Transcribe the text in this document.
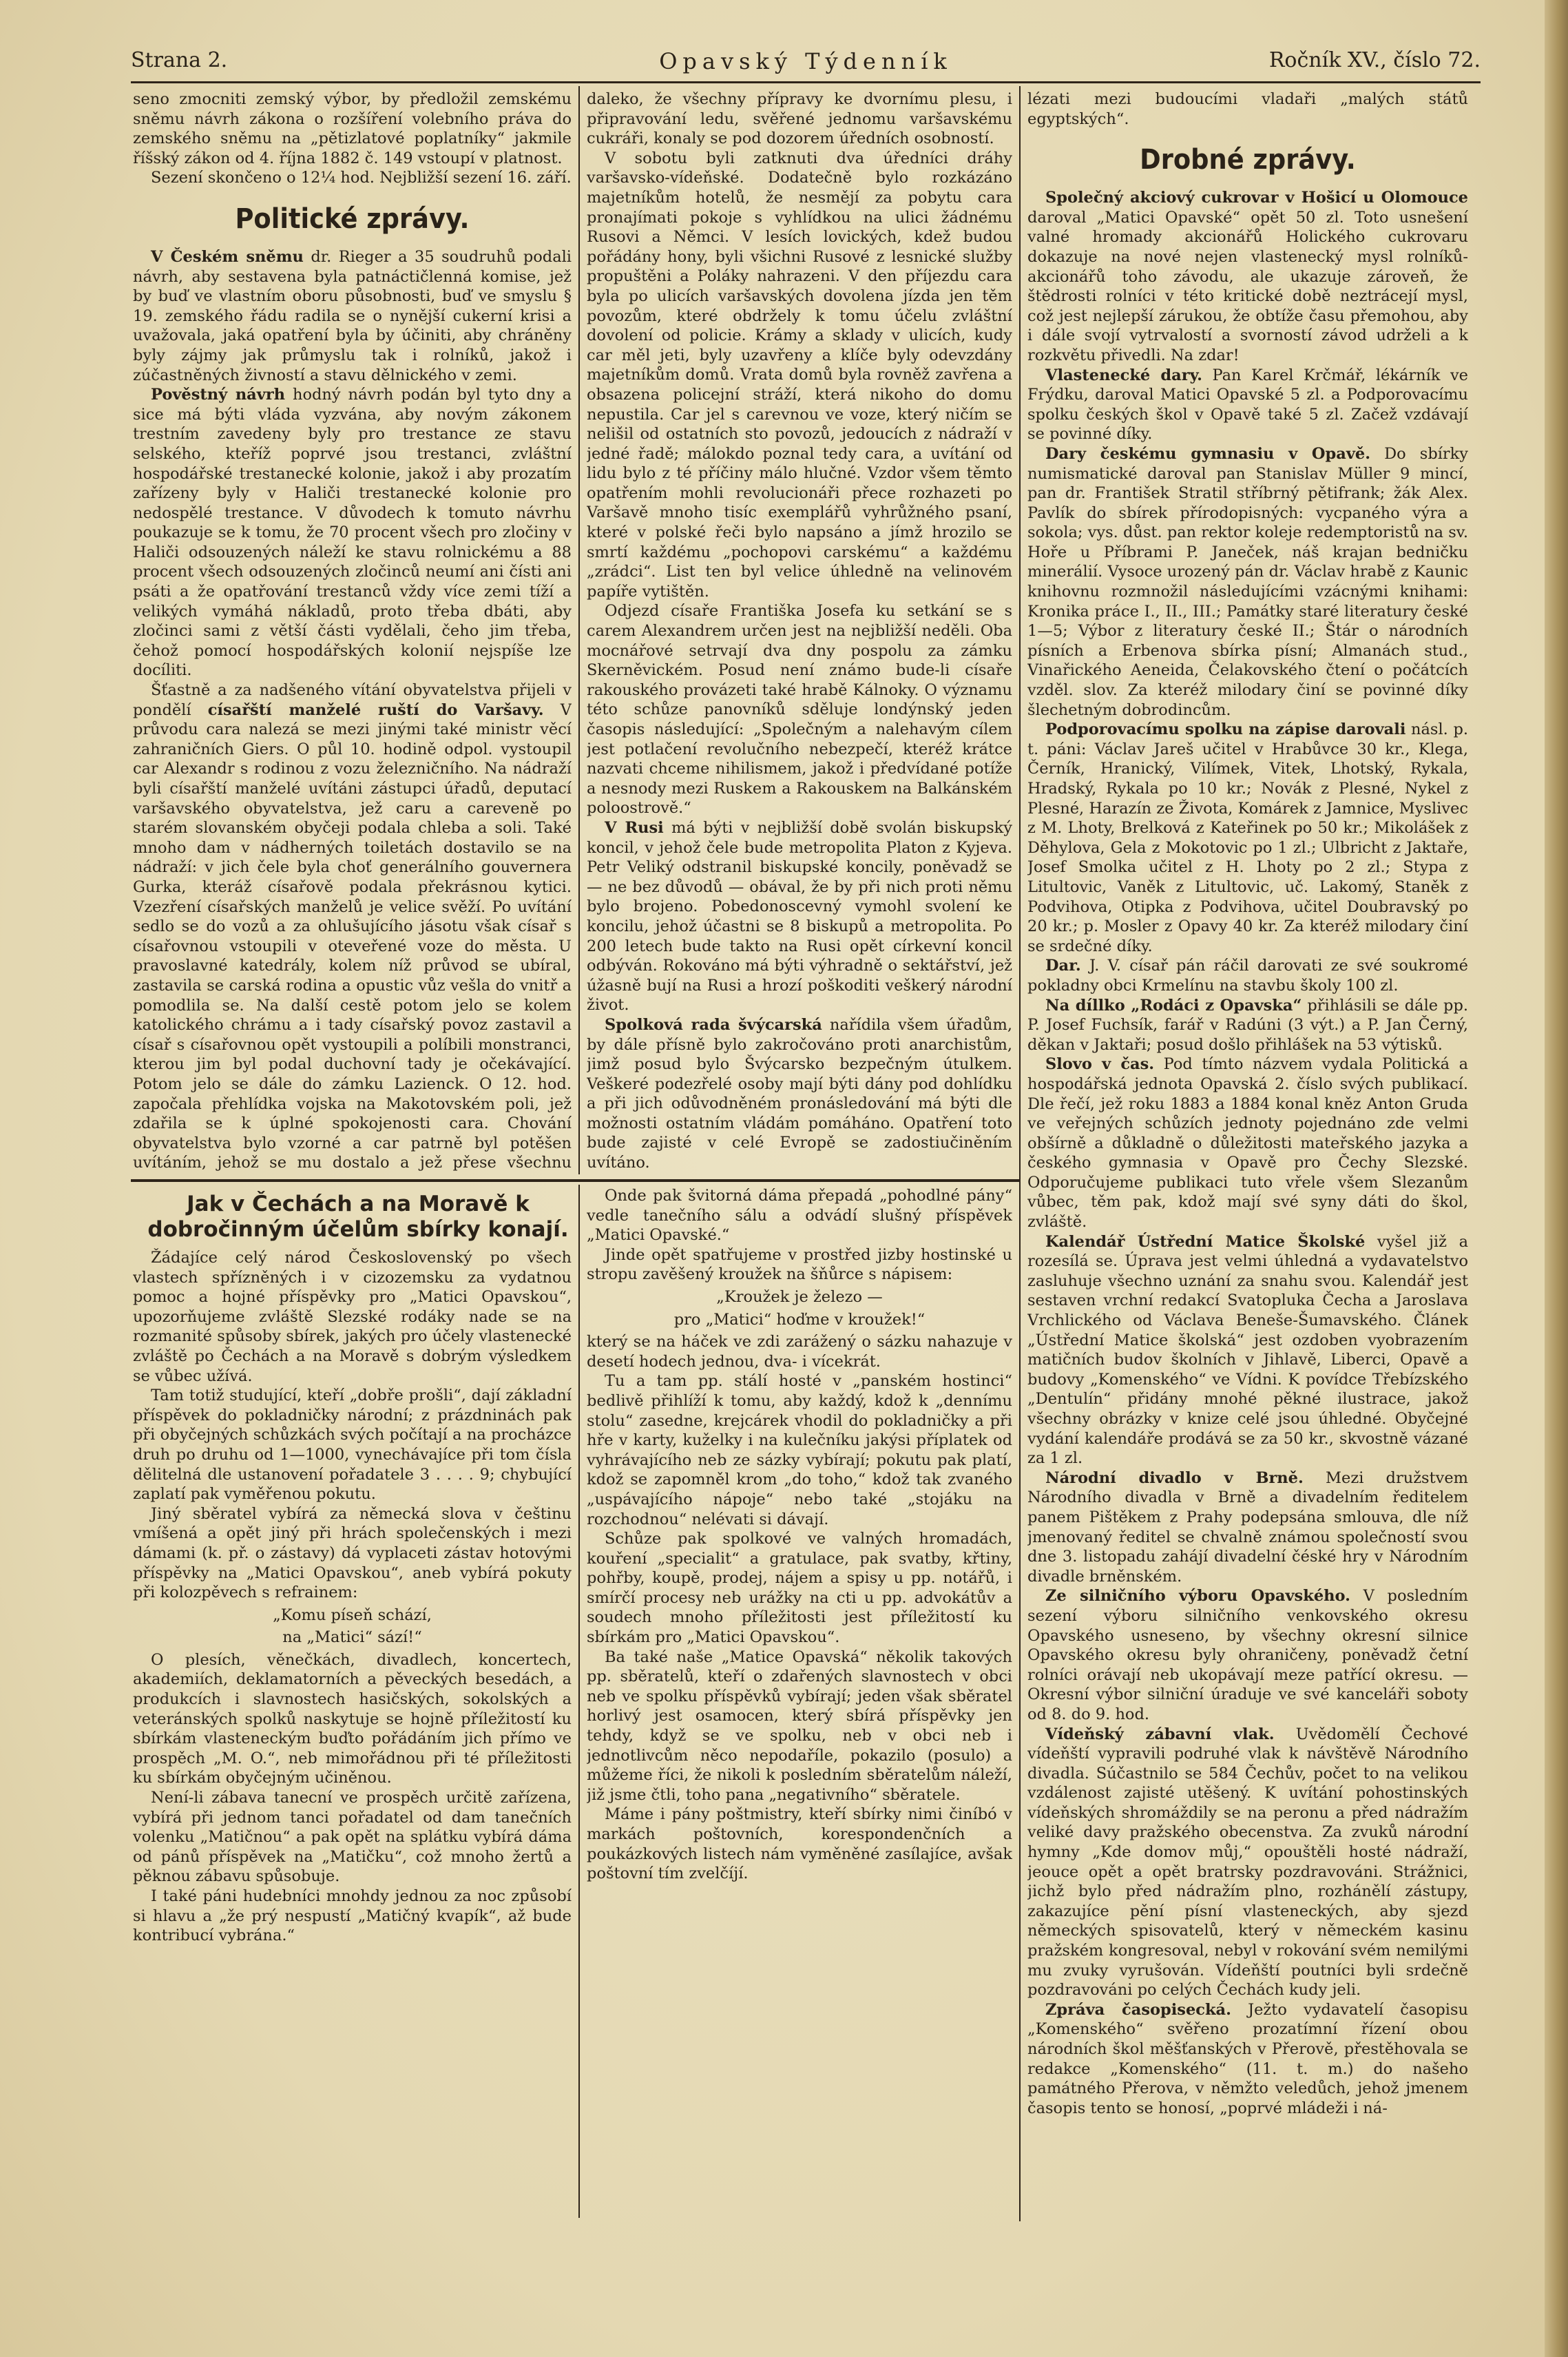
Strana 2.	Opavský Týdenník	Ročník XV., číslo 72.

seno zmocniti zemský výbor, by předložil zemskému sněmu návrh zákona o rozšíření volebního práva do zemského sněmu na „pětizlatové poplatníky“ jakmile říšský zákon od 4. října 1882 č. 149 vstoupí v platnost.

Sezení skončeno o 12¼ hod. Nejbližší sezení 16. září.

Politické zprávy.

V Českém sněmu dr. Rieger a 35 soudruhů podali návrh, aby sestavena byla patnáctičlenná komise, jež by buď ve vlastním oboru působnosti, buď ve smyslu § 19. zemského řádu radila se o nynější cukerní krisi a uvažovala, jaká opatření byla by účiniti, aby chráněny byly zájmy jak průmyslu tak i rolníků, jakož i zúčastněných živností a stavu dělnického v zemi.

Pověstný návrh hodný návrh podán byl tyto dny a sice má býti vláda vyzvána, aby novým zákonem trestním zavedeny byly pro trestance ze stavu selského, kteříž poprvé jsou trestanci, zvláštní hospodářské trestanecké kolonie, jakož i aby prozatím zařízeny byly v Haliči trestanecké kolonie pro nedospělé trestance. V důvodech k tomuto návrhu poukazuje se k tomu, že 70 procent všech pro zločiny v Haliči odsouzených náleží ke stavu rolnickému a 88 procent všech odsouzených zločinců neumí ani čísti ani psáti a že opatřování trestanců vždy více zemi tíží a velikých vymáhá nákladů, proto třeba dbáti, aby zločinci sami z větší části vydělali, čeho jim třeba, čehož pomocí hospodářských kolonií nejspíše lze docíliti.

Šťastně a za nadšeného vítání obyvatelstva přijeli v pondělí císařští manželé ruští do Varšavy. V průvodu cara nalezá se mezi jinými také ministr věcí zahraničních Giers. O půl 10. hodině odpol. vystoupil car Alexandr s rodinou z vozu železničního. Na nádraží byli císařští manželé uvítáni zástupci úřadů, deputací varšavského obyvatelstva, jež caru a careveně po starém slovanském obyčeji podala chleba a soli. Také mnoho dam v nádherných toiletách dostavilo se na nádraží: v jich čele byla choť generálního gouvernera Gurka, kteráž císařově podala překrásnou kytici. Vzezření císařských manželů je velice svěží. Po uvítání sedlo se do vozů a za ohlušujícího jásotu však císař s císařovnou vstoupili v oteveřené voze do města. U pravoslavné katedrály, kolem níž průvod se ubíral, zastavila se carská rodina a opustic vůz vešla do vnitř a pomodlila se. Na další cestě potom jelo se kolem katolického chrámu a i tady císařský povoz zastavil a císař s císařovnou opět vystoupili a políbili monstranci, kterou jim byl podal duchovní tady je očekávající. Potom jelo se dále do zámku Lazienck. O 12. hod. započala přehlídka vojska na Makotovském poli, jež zdařila se k úplné spokojenosti cara. Chování obyvatelstva bylo vzorné a car patrně byl potěšen uvítáním, jehož se mu dostalo a jež přese všechnu

daleko, že všechny přípravy ke dvornímu plesu, i připravování ledu, svěřené jednomu varšavskému cukráři, konaly se pod dozorem úředních osobností.

V sobotu byli zatknuti dva úředníci dráhy varšavsko-vídeňské. Dodatečně bylo rozkázáno majetníkům hotelů, že nesmějí za pobytu cara pronajímati pokoje s vyhlídkou na ulici žádnému Rusovi a Němci. V lesích lovických, kdež budou pořádány hony, byli všichni Rusové z lesnické služby propuštěni a Poláky nahrazeni. V den příjezdu cara byla po ulicích varšavských dovolena jízda jen těm povozům, které obdržely k tomu účelu zvláštní dovolení od policie. Krámy a sklady v ulicích, kudy car měl jeti, byly uzavřeny a klíče byly odevzdány majetníkům domů. Vrata domů byla rovněž zavřena a obsazena policejní stráží, která nikoho do domu nepustila. Car jel s carevnou ve voze, který ničím se nelišil od ostatních sto povozů, jedoucích z nádraží v jedné řadě; málokdo poznal tedy cara, a uvítání od lidu bylo z té příčiny málo hlučné. Vzdor všem těmto opatřením mohli revolucionáři přece rozhazeti po Varšavě mnoho tisíc exemplářů vyhrůžného psaní, které v polské řeči bylo napsáno a jímž hrozilo se smrtí každému „pochopovi carskému“ a každému „zrádci“. List ten byl velice úhledně na velinovém papíře vytištěn.

Odjezd císaře Františka Josefa ku setkání se s carem Alexandrem určen jest na nejbližší neděli. Oba mocnářové setrvají dva dny pospolu za zámku Skerněvickém. Posud není známo bude-li císaře rakouského provázeti také hrabě Kálnoky. O významu této schůze panovníků sděluje londýnský jeden časopis následující: „Společným a nalehavým cílem jest potlačení revolučního nebezpečí, kteréž krátce nazvati chceme nihilismem, jakož i předvídané potíže a nesnody mezi Ruskem a Rakouskem na Balkánském poloostrově.“

V Rusi má býti v nejbližší době svolán biskupský koncil, v jehož čele bude metropolita Platon z Kyjeva. Petr Veliký odstranil biskupské koncily, poněvadž se — ne bez důvodů — obával, že by při nich proti němu bylo brojeno. Pobedonoscevný vymohl svolení ke koncilu, jehož účastni se 8 biskupů a metropolita. Po 200 letech bude takto na Rusi opět církevní koncil odbýván. Rokováno má býti výhradně o sektářství, jež úžasně bují na Rusi a hrozí poškoditi veškerý národní život.

Spolková rada švýcarská nařídila všem úřadům, by dále přísně bylo zakročováno proti anarchistům, jimž posud bylo Švýcarsko bezpečným útulkem. Veškeré podezřelé osoby mají býti dány pod dohlídku a při jich odůvodněném pronásledování má býti dle možnosti ostatním vládám pomáháno. Opatření toto bude zajisté v celé Evropě se zadostiučiněním uvítáno.

lézati mezi budoucími vladaři „malých států egyptských“.

Drobné zprávy.

Společný akciový cukrovar v Hošicí u Olomouce daroval „Matici Opavské“ opět 50 zl. Toto usnešení valné hromady akcionářů Holického cukrovaru dokazuje na nové nejen vlastenecký mysl rolníků-akcionářů toho závodu, ale ukazuje zároveň, že štědrosti rolníci v této kritické době neztrácejí mysl, což jest nejlepší zárukou, že obtíže času přemohou, aby i dále svojí vytrvalostí a svorností závod udrželi a k rozkvětu přivedli. Na zdar!

Vlastenecké dary. Pan Karel Krčmář, lékárník ve Frýdku, daroval Matici Opavské 5 zl. a Podporovacímu spolku českých škol v Opavě také 5 zl. Začež vzdávají se povinné díky.

Dary českému gymnasiu v Opavě. Do sbírky numismatické daroval pan Stanislav Müller 9 mincí, pan dr. František Stratil stříbrný pětifrank; žák Alex. Pavlík do sbírek přírodopisných: vycpaného výra a sokola; vys. důst. pan rektor koleje redemptoristů na sv. Hoře u Příbrami P. Janeček, náš krajan bedničku minerálií. Vysoce urozený pán dr. Václav hrabě z Kaunic knihovnu rozmnožil následujícími vzácnými knihami: Kronika práce I., II., III.; Památky staré literatury české 1—5; Výbor z literatury české II.; Štár o národních písních a Erbenova sbírka písní; Almanách stud., Vinařického Aeneida, Čelakovského čtení o počátcích vzděl. slov. Za kteréž milodary činí se povinné díky šlechetným dobrodincům.

Podporovacímu spolku na zápise darovali násl. p. t. páni: Václav Jareš učitel v Hrabůvce 30 kr., Klega, Černík, Hranický, Vilímek, Vitek, Lhotský, Rykala, Hradský, Rykala po 10 kr.; Novák z Plesné, Nykel z Plesné, Harazín ze Života, Komárek z Jamnice, Mysliveс z M. Lhoty, Brelková z Kateřinek po 50 kr.; Mikolášek z Děhylova, Gela z Mokotovic po 1 zl.; Ulbricht z Jaktaře, Josef Smolka učitel z H. Lhoty po 2 zl.; Stypa z Litultovic, Vaněk z Litultovic, uč. Lakomý, Staněk z Podvihova, Otipka z Podvihova, učitel Doubravský po 20 kr.; p. Mosler z Opavy 40 kr. Za kteréž milodary činí se srdečné díky.

Dar. J. V. císař pán ráčil darovati ze své soukromé pokladny obci Krmelínu na stavbu školy 100 zl.

Na díllko „Rodáci z Opavska“ přihlásili se dále pp. P. Josef Fuchsík, farář v Radúni (3 výt.) a P. Jan Černý, děkan v Jaktaři; posud došlo přihlášek na 53 výtisků.

Slovo v čas. Pod tímto názvem vydala Politická a hospodářská jednota Opavská 2. číslo svých publikací. Dle řečí, jež roku 1883 a 1884 konal kněz Anton Gruda ve veřejných schůzích jednoty pojednáno zde velmi obšírně a důkladně o důležitosti mateřského jazyka a českého gymnasia v Opavě pro Čechy Slezské. Odporučujeme publikaci tuto vřele všem Slezanům vůbec, těm pak, kdož mají své syny dáti do škol, zvláště.

Kalendář Ústřední Matice Školské vyšel již a rozesílá se. Úprava jest velmi úhledná a vydavatelstvo zasluhuje všechno uznání za snahu svou. Kalendář jest sestaven vrchní redakcí Svatopluka Čecha a Jaroslava Vrchlického od Václava Beneše-Šumavského. Článek „Ústřední Matice školská“ jest ozdoben vyobrazením matičních budov školních v Jihlavě, Liberci, Opavě a budovy „Komenského“ ve Vídni. K povídce Třebízského „Dentulín“ přidány mnohé pěkné ilustrace, jakož všechny obrázky v knize celé jsou úhledné. Obyčejné vydání kalendáře prodává se za 50 kr., skvostně vázané za 1 zl.

Národní divadlo v Brně. Mezi družstvem Národního divadla v Brně a divadelním ředitelem panem Pištěkem z Prahy podepsána smlouva, dle níž jmenovaný ředitel se chvalně známou společností svou dne 3. listopadu zahájí divadelní čéské hry v Národním divadle brněnském.

Ze silničního výboru Opavského. V posledním sezení výboru silničního venkovského okresu Opavského usneseno, by všechny okresní silnice Opavského okresu byly ohraničeny, poněvadž četní rolníci orávají neb ukopávají meze patřící okresu. — Okresní výbor silniční úraduje ve své kanceláři soboty od 8. do 9. hod.

Vídeňský zábavní vlak. Uvědomělí Čechové vídeňští vypravili podruhé vlak k návštěvě Národního divadla. Súčastnilo se 584 Čechův, počet to na velikou vzdálenost zajisté utěšený. K uvítání pohostinských vídeňských shromáždily se na peronu a před nádražím veliké davy pražského obecenstva. Za zvuků národní hymny „Kde domov můj,“ opouštěli hosté nádraží, jeouce opět a opět bratrsky pozdravováni. Strážnici, jichž bylo před nádražím plno, rozhánělí zástupy, zakazujíce pění písní vlasteneckých, aby sjezd německých spisovatelů, který v německém kasinu pražském kongresoval, nebyl v rokování svém nemilými mu zvuky vyrušován. Vídeňští poutníci byli srdečně pozdravováni po celých Čechách kudy jeli.

Zpráva časopisecká. Ježto vydavatelí časopisu „Komenského“ svěřeno prozatímní řízení obou národních škol měšťanských v Přerově, přestěhovala se redakce „Komenského“ (11. t. m.) do našeho památného Přerova, v němžto veledůch, jehož jmenem časopis tento se honosí, „poprvé mládeži i ná-

Jak v Čechách a na Moravě k dobročinným účelům sbírky konají.

Žádajíce celý národ Československý po všech vlastech spřízněných i v cizozemsku za vydatnou pomoc a hojné příspěvky pro „Matici Opavskou“, upozorňujeme zvláště Slezské rodáky nade se na rozmanité spůsoby sbírek, jakých pro účely vlastenecké zvláště po Čechách a na Moravě s dobrým výsledkem se vůbec užívá.

Tam totiž studující, kteří „dobře prošli“, dají základní příspěvek do pokladničky národní; z prázdninách pak při obyčejných schůzkách svých počítají a na procházce druh po druhu od 1—1000, vynechávajíce při tom čísla dělitelná dle ustanovení pořadatele 3 . . . . 9; chybující zaplatí pak vyměřenou pokutu.

Jiný sběratel vybírá za německá slova v češtinu vmíšená a opět jiný při hrách společenských i mezi dámami (k. př. o zástavy) dá vyplaceti zástav hotovými příspěvky na „Matici Opavskou“, aneb vybírá pokuty při kolozpěvech s refrainem:

„Komu píseň schází,

na „Matici“ sází!“

O plesích, věnečkách, divadlech, koncertech, akademiích, deklamatorních a pěveckých besedách, a produkcích i slavnostech hasičských, sokolských a veteránských spolků naskytuje se hojně příležitostí ku sbírkám vlasteneckým buďto pořádáním jich přímo ve prospěch „M. O.“, neb mimořádnou při té příležitosti ku sbírkám obyčejným učiněnou.

Není-li zábava tanecní ve prospěch určitě zařízena, vybírá při jednom tanci pořadatel od dam tanečních volenku „Matičnou“ a pak opět na splátku vybírá dáma od pánů příspěvek na „Matičku“, což mnoho žertů a pěknou zábavu spůsobuje.

I také páni hudebníci mnohdy jednou za noc způsobí si hlavu a „že prý nespustí „Matičný kvapík“, až bude kontribucí vybrána.“

Onde pak švitorná dáma přepadá „pohodlné pány“ vedle tanečního sálu a odvádí slušný příspěvek „Matici Opavské.“

Jinde opět spatřujeme v prostřed jizby hostinské u stropu zavěšený kroužek na šňůrce s nápisem:

„Kroužek je železo —

pro „Matici“ hoďme v kroužek!“

který se na háček ve zdi zarážený o sázku nahazuje v desetí hodech jednou, dva- i vícekrát.

Tu a tam pp. stálí hosté v „panském hostinci“ bedlivě přihlíží k tomu, aby každý, kdož k „dennímu stolu“ zasedne, krejcárek vhodil do pokladničky a při hře v karty, kuželky i na kulečníku jakýsi příplatek od vyhrávajícího neb ze sázky vybírají; pokutu pak platí, kdož se zapomněl krom „do toho,“ kdož tak zvaného „uspávajícího nápoje“ nebo také „stojáku na rozchodnou“ nelévati si dávají.

Schůze pak spolkové ve valných hromadách, kouření „specialit“ a gratulace, pak svatby, křtiny, pohřby, koupě, prodej, nájem a spisy u pp. notářů, i smírčí procesy neb urážky na cti u pp. advokátův a soudech mnoho příležitosti jest příležitostí ku sbírkám pro „Matici Opavskou“.

Ba také naše „Matice Opavská“ několik takových pp. sběratelů, kteří o zdařených slavnostech v obci neb ve spolku příspěvků vybírají; jeden však sběratel horlivý jest osamocen, který sbírá příspěvky jen tehdy, když se ve spolku, neb v obci neb i jednotlivcům něco nepodaříle, pokazilo (posulo) a můžeme říci, že nikoli k posledním sběratelům náleží, již jsme čtli, toho pana „negativního“ sběratele.

Máme i pány poštmistry, kteří sbírky nimi činíbó v markách poštovních, korespondenčních a poukázkových listech nám vyměněné zasílajíce, avšak poštovní tím zvelčíjí.
